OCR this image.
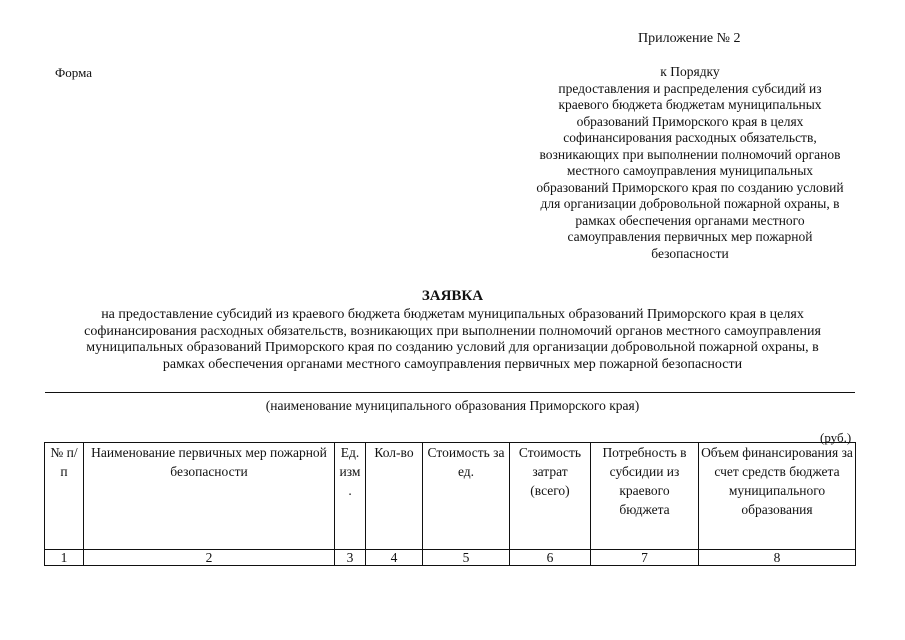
Приложение № 2
Форма	к Порядку
предоставления и распределения субсидий из
краевого бюджета бюджетам муниципальных
образований Приморского края в целях
софинансирования расходных обязательств,
возникающих при выполнении полномочий органов
местного самоуправления муниципальных
образований Приморского края по созданию условий
для организации добровольной пожарной охраны, в
рамках обеспечения органами местного
самоуправления первичных мер пожарной
безопасности
ЗАЯВКА
на предоставление субсидий из краевого бюджета бюджетам муниципальных образований Приморского края в целях
софинансирования расходных обязательств, возникающих при выполнении полномочий органов местного самоуправления
муниципальных образований Приморского края по созданию условий для организации добровольной пожарной охраны, в
рамках обеспечения органами местного самоуправления первичных мер пожарной безопасности
(наименование муниципального образования Приморского края)
(руб.)
№ п/п	Наименование первичных мер пожарной безопасности	Ед. изм .	Кол-во	Стоимость за ед.	Стоимость затрат (всего)	Потребность в субсидии из краевого бюджета	Объем финансирования за счет средств бюджета муниципального образования
1	2	3	4	5	6	7	8
